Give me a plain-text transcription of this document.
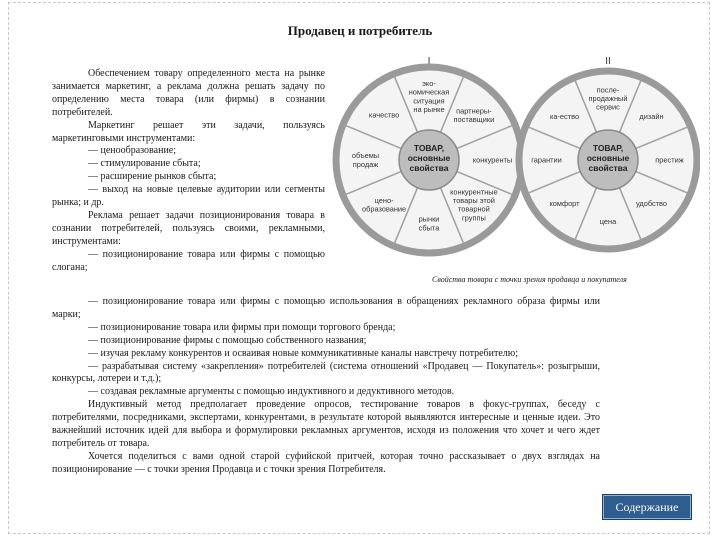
Продавец и потребитель

Обеспечением товару определенного места на рынке занимается маркетинг, а реклама должна решать задачу по определению места товара (или фирмы) в сознании потребителей.

Маркетинг решает эти задачи, пользуясь маркетинговыми инструментами:

— ценообразование;

— стимулирование сбыта;

— расширение рынков сбыта;

— выход на новые целевые аудитории или сегменты рынка; и др.

Реклама решает задачи позиционирования товара в сознании потребителей, пользуясь своими, рекламными, инструментами:

— позиционирование товара или фирмы с помощью слогана;

I
ТОВАР, основные свойства
эко-номическая ситуация на рынке	партнеры-поставщики
конкуренты
конкурентные товары этой товарной группы
рынки сбыта
цено-образование
объемы продаж
качество
II
ТОВАР, основные свойства
после-продажный сервис
дизайн
престиж
удобство
цена
комфорт
гарантии
ка-ество
Свойства товара с точки зрения продавца и покупателя

— позиционирование товара или фирмы с помощью использования в обращениях рекламного образа фирмы или марки;

— позиционирование товара или фирмы при помощи торгового бренда;

— позиционирование фирмы с помощью собственного названия;

— изучая рекламу конкурентов и осваивая новые коммуникативные каналы навстречу потребителю;

— разрабатывая систему «закрепления» потребителей (система отношений «Продавец — Покупатель»: розыгрыши, конкурсы, лотереи и т.д.);

— создавая рекламные аргументы с помощью индуктивного и дедуктивного методов.

Индуктивный метод предполагает проведение опросов, тестирование товаров в фокус-группах, беседу с потребителями, посредниками, экспертами, конкурентами, в результате которой выявляются интересные и ценные идеи. Это важнейший источник идей для выбора и формулировки рекламных аргументов, исходя из положения что хочет и чего ждет потребитель от товара.

Хочется поделиться с вами одной старой суфийской притчей, которая точно рассказывает о двух взглядах на позиционирование — с точки зрения Продавца и с точки зрения Потребителя.

Содержание
